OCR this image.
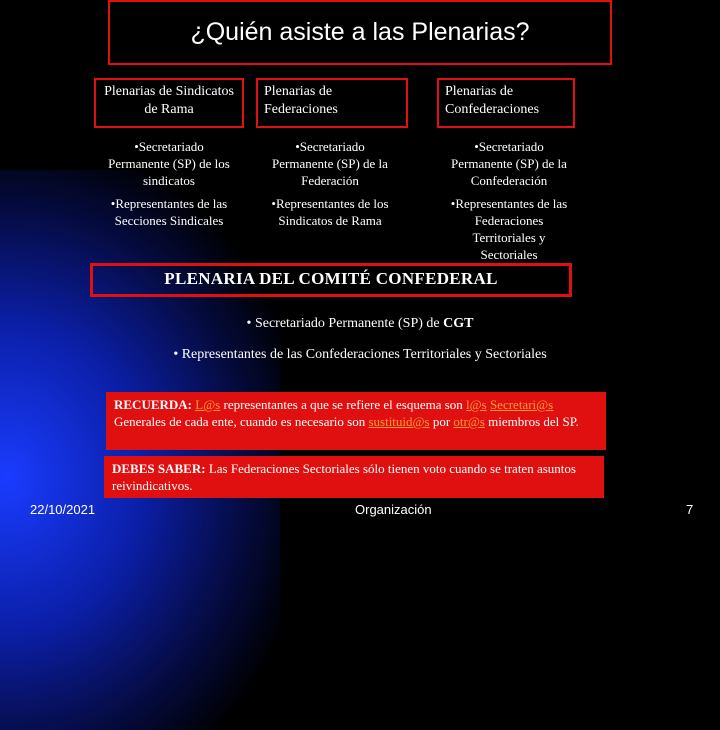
¿Quién asiste a las Plenarias?
Plenarias de Sindicatos de Rama
Plenarias de Federaciones
Plenarias de Confederaciones
•Secretariado Permanente (SP) de los sindicatos
•Representantes de las Secciones Sindicales
•Secretariado Permanente (SP) de la Federación
•Representantes de los Sindicatos de Rama
•Secretariado Permanente (SP) de la Confederación
•Representantes de las Federaciones Territoriales y Sectoriales
PLENARIA DEL COMITÉ CONFEDERAL
• Secretariado Permanente (SP) de CGT
• Representantes de las Confederaciones Territoriales y Sectoriales
RECUERDA: L@s representantes a que se refiere el esquema son l@s Secretari@s Generales de cada ente, cuando es necesario son sustituid@s por otr@s miembros del SP.
DEBES SABER: Las Federaciones Sectoriales sólo tienen voto cuando se traten asuntos reivindicativos.
22/10/2021	Organización	7
